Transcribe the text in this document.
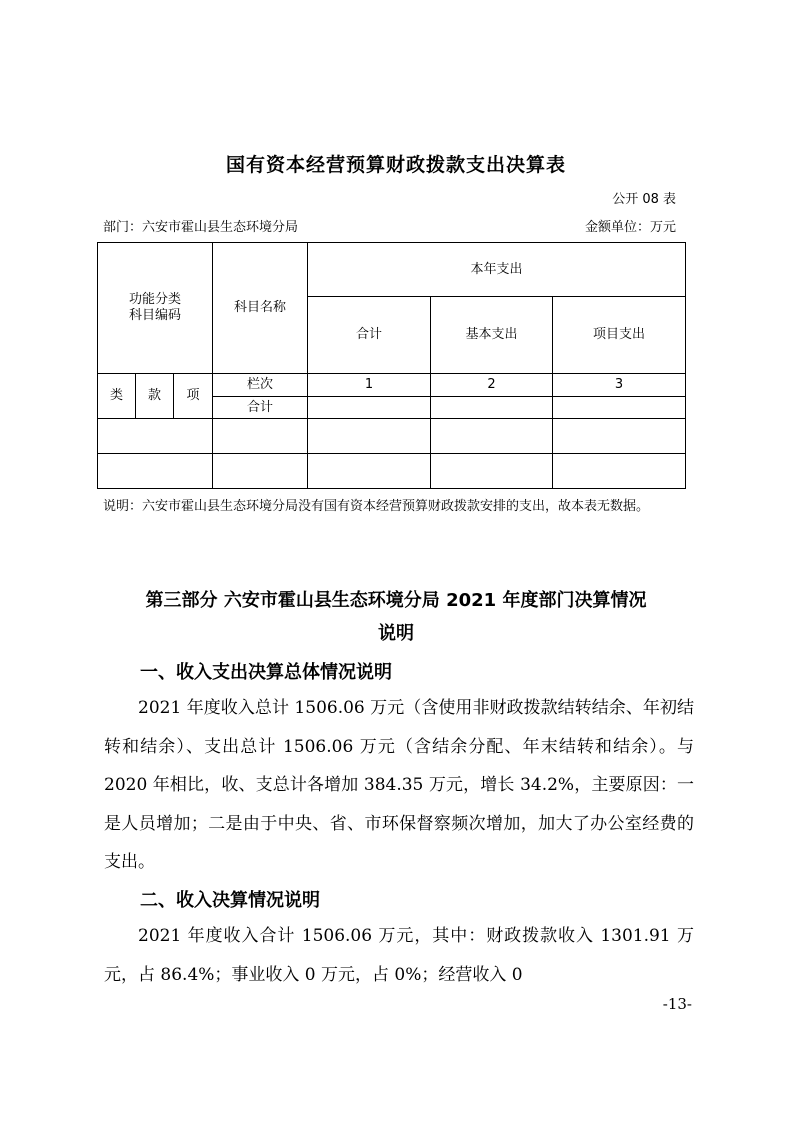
国有资本经营预算财政拨款支出决算表
公开 08 表
部门：六安市霍山县生态环境分局	金额单位：万元
功能分类
科目编码			科目名称	本年支出		
				合计	基本支出	项目支出
类	款	项	栏次	1	2	3
			合计			

说明：六安市霍山县生态环境分局没有国有资本经营预算财政拨款安排的支出，故本表无数据。
第三部分 六安市霍山县生态环境分局 2021 年度部门决算情况
说明
一、收入支出决算总体情况说明
2021 年度收入总计 1506.06 万元（含使用非财政拨款结转结余、年初结转和结余）、支出总计 1506.06 万元（含结余分配、年末结转和结余）。与 2020 年相比，收、支总计各增加 384.35 万元，增长 34.2%，主要原因：一是人员增加；二是由于中央、省、市环保督察频次增加，加大了办公室经费的支出。
二、收入决算情况说明
2021 年度收入合计 1506.06 万元，其中：财政拨款收入 1301.91 万元，占 86.4%；事业收入 0 万元，占 0%；经营收入 0
-13-
